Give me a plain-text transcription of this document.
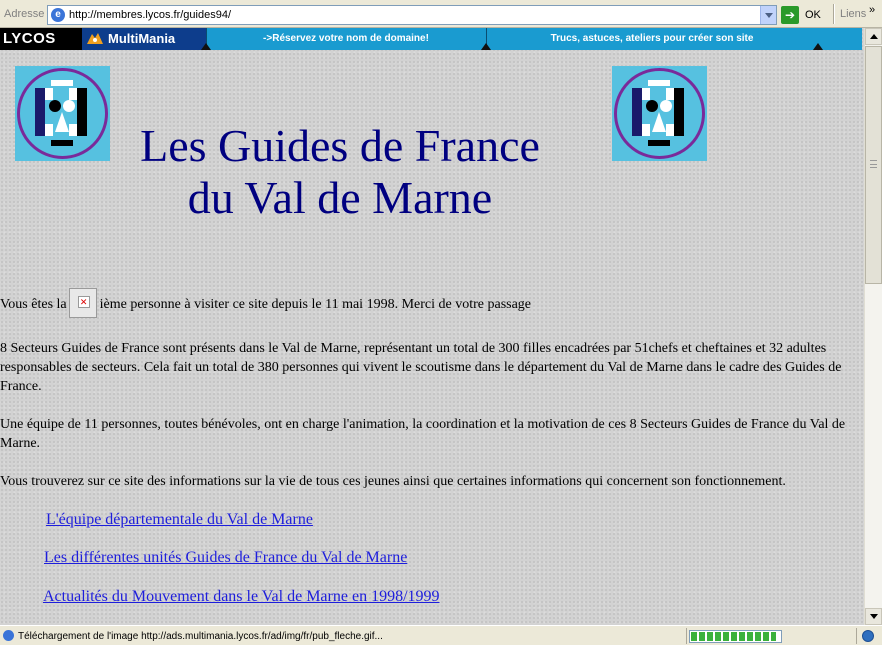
Adresse	e http://membres.lycos.fr/guides94/	➔ OK Liens »
LYCOS	MultiMania	->Réservez votre nom de domaine!	Trucs, astuces, ateliers pour créer son site
Les Guides de France
du Val de Marne
Vous êtes la✕ ième personne à visiter ce site depuis le 11 mai 1998. Merci de votre passage

8 Secteurs Guides de France sont présents dans le Val de Marne, représentant un total de 300 filles encadrées par 51chefs et cheftaines et 32 adultes responsables de secteurs. Cela fait un total de 380 personnes qui vivent le scoutisme dans le département du Val de Marne dans le cadre des Guides de France.

Une équipe de 11 personnes, toutes bénévoles, ont en charge l'animation, la coordination et la motivation de ces 8 Secteurs Guides de France du Val de Marne.

Vous trouverez sur ce site des informations sur la vie de tous ces jeunes ainsi que certaines informations qui concernent son fonctionnement.

L'équipe départementale du Val de Marne
Les différentes unités Guides de France du Val de Marne
Actualités du Mouvement dans le Val de Marne en 1998/1999
Téléchargement de l'image http://ads.multimania.lycos.fr/ad/img/fr/pub_fleche.gif...
